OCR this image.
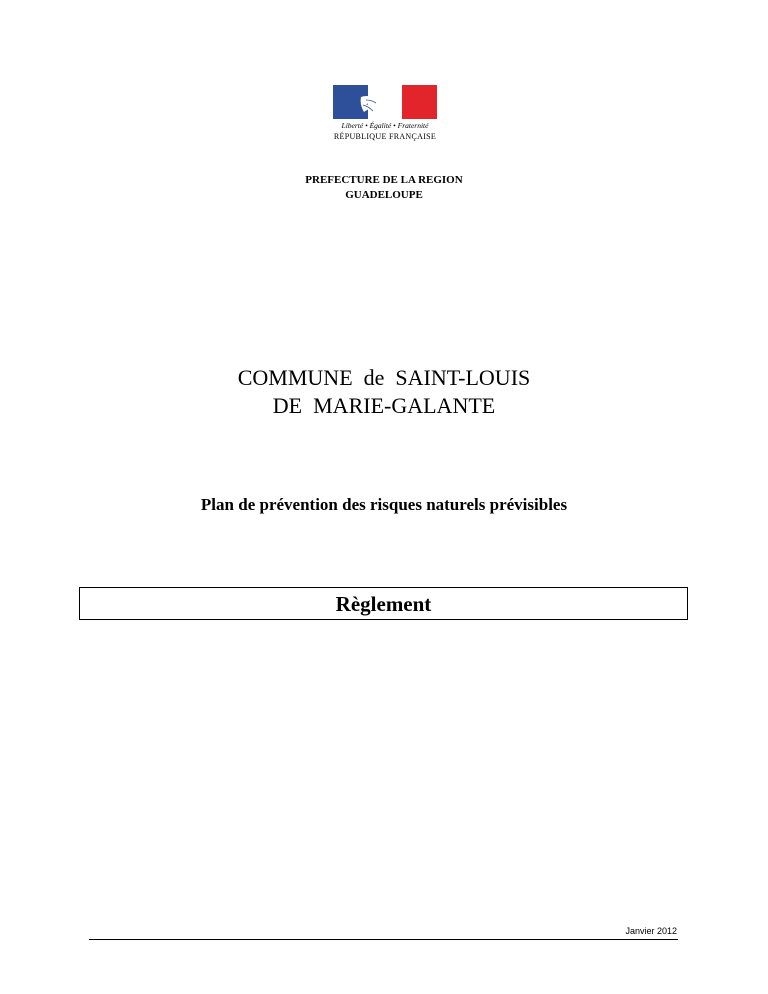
Liberté • Égalité • Fraternité
RÉPUBLIQUE FRANÇAISE
PREFECTURE DE LA REGION
GUADELOUPE
COMMUNE  de  SAINT-LOUIS
DE  MARIE-GALANTE
Plan de prévention des risques naturels prévisibles
Règlement
Janvier 2012
